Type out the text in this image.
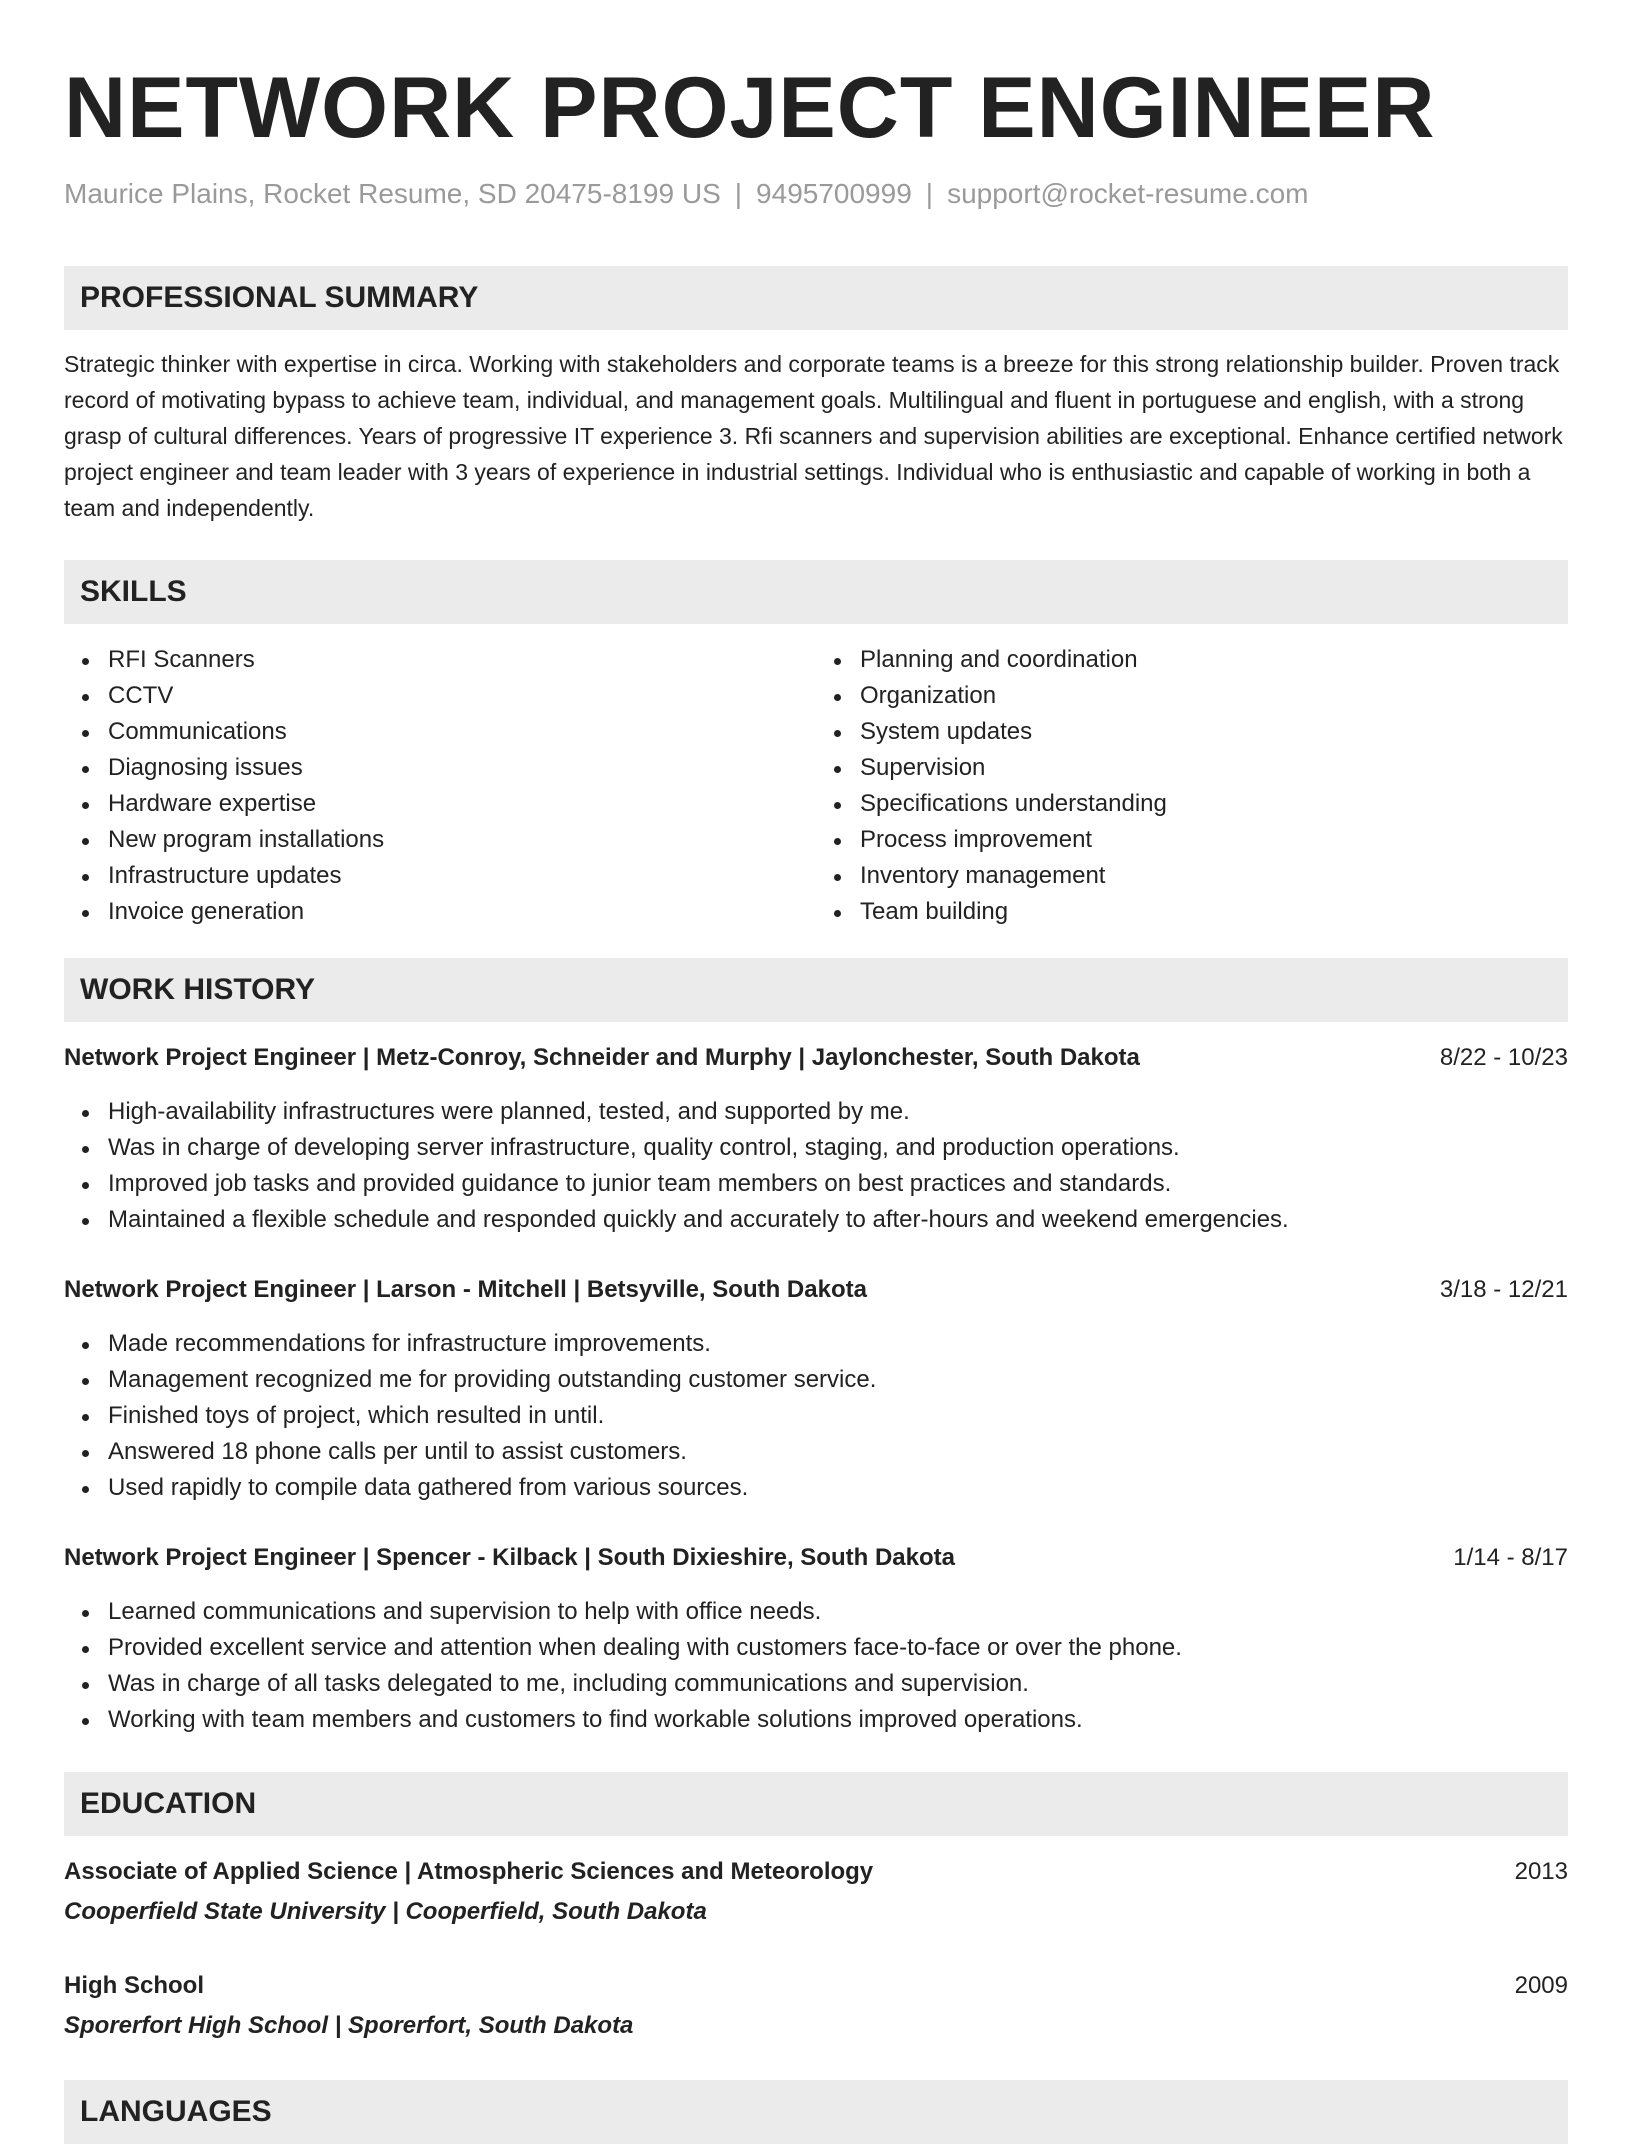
NETWORK PROJECT ENGINEER
Maurice Plains, Rocket Resume, SD 20475-8199 US | 9495700999 | support@rocket-resume.com
PROFESSIONAL SUMMARY
Strategic thinker with expertise in circa. Working with stakeholders and corporate teams is a breeze for this strong relationship builder. Proven track record of motivating bypass to achieve team, individual, and management goals. Multilingual and fluent in portuguese and english, with a strong grasp of cultural differences. Years of progressive IT experience 3. Rfi scanners and supervision abilities are exceptional. Enhance certified network project engineer and team leader with 3 years of experience in industrial settings. Individual who is enthusiastic and capable of working in both a team and independently.
SKILLS
RFI Scanners
CCTV
Communications
Diagnosing issues
Hardware expertise
New program installations
Infrastructure updates
Invoice generation
Planning and coordination
Organization
System updates
Supervision
Specifications understanding
Process improvement
Inventory management
Team building
WORK HISTORY
Network Project Engineer | Metz-Conroy, Schneider and Murphy | Jaylonchester, South Dakota	8/22 - 10/23
High-availability infrastructures were planned, tested, and supported by me.
Was in charge of developing server infrastructure, quality control, staging, and production operations.
Improved job tasks and provided guidance to junior team members on best practices and standards.
Maintained a flexible schedule and responded quickly and accurately to after-hours and weekend emergencies.
Network Project Engineer | Larson - Mitchell | Betsyville, South Dakota	3/18 - 12/21
Made recommendations for infrastructure improvements.
Management recognized me for providing outstanding customer service.
Finished toys of project, which resulted in until.
Answered 18 phone calls per until to assist customers.
Used rapidly to compile data gathered from various sources.
Network Project Engineer | Spencer - Kilback | South Dixieshire, South Dakota	1/14 - 8/17
Learned communications and supervision to help with office needs.
Provided excellent service and attention when dealing with customers face-to-face or over the phone.
Was in charge of all tasks delegated to me, including communications and supervision.
Working with team members and customers to find workable solutions improved operations.
EDUCATION
Associate of Applied Science | Atmospheric Sciences and Meteorology	2013
Cooperfield State University | Cooperfield, South Dakota
High School	2009
Sporerfort High School | Sporerfort, South Dakota
LANGUAGES
